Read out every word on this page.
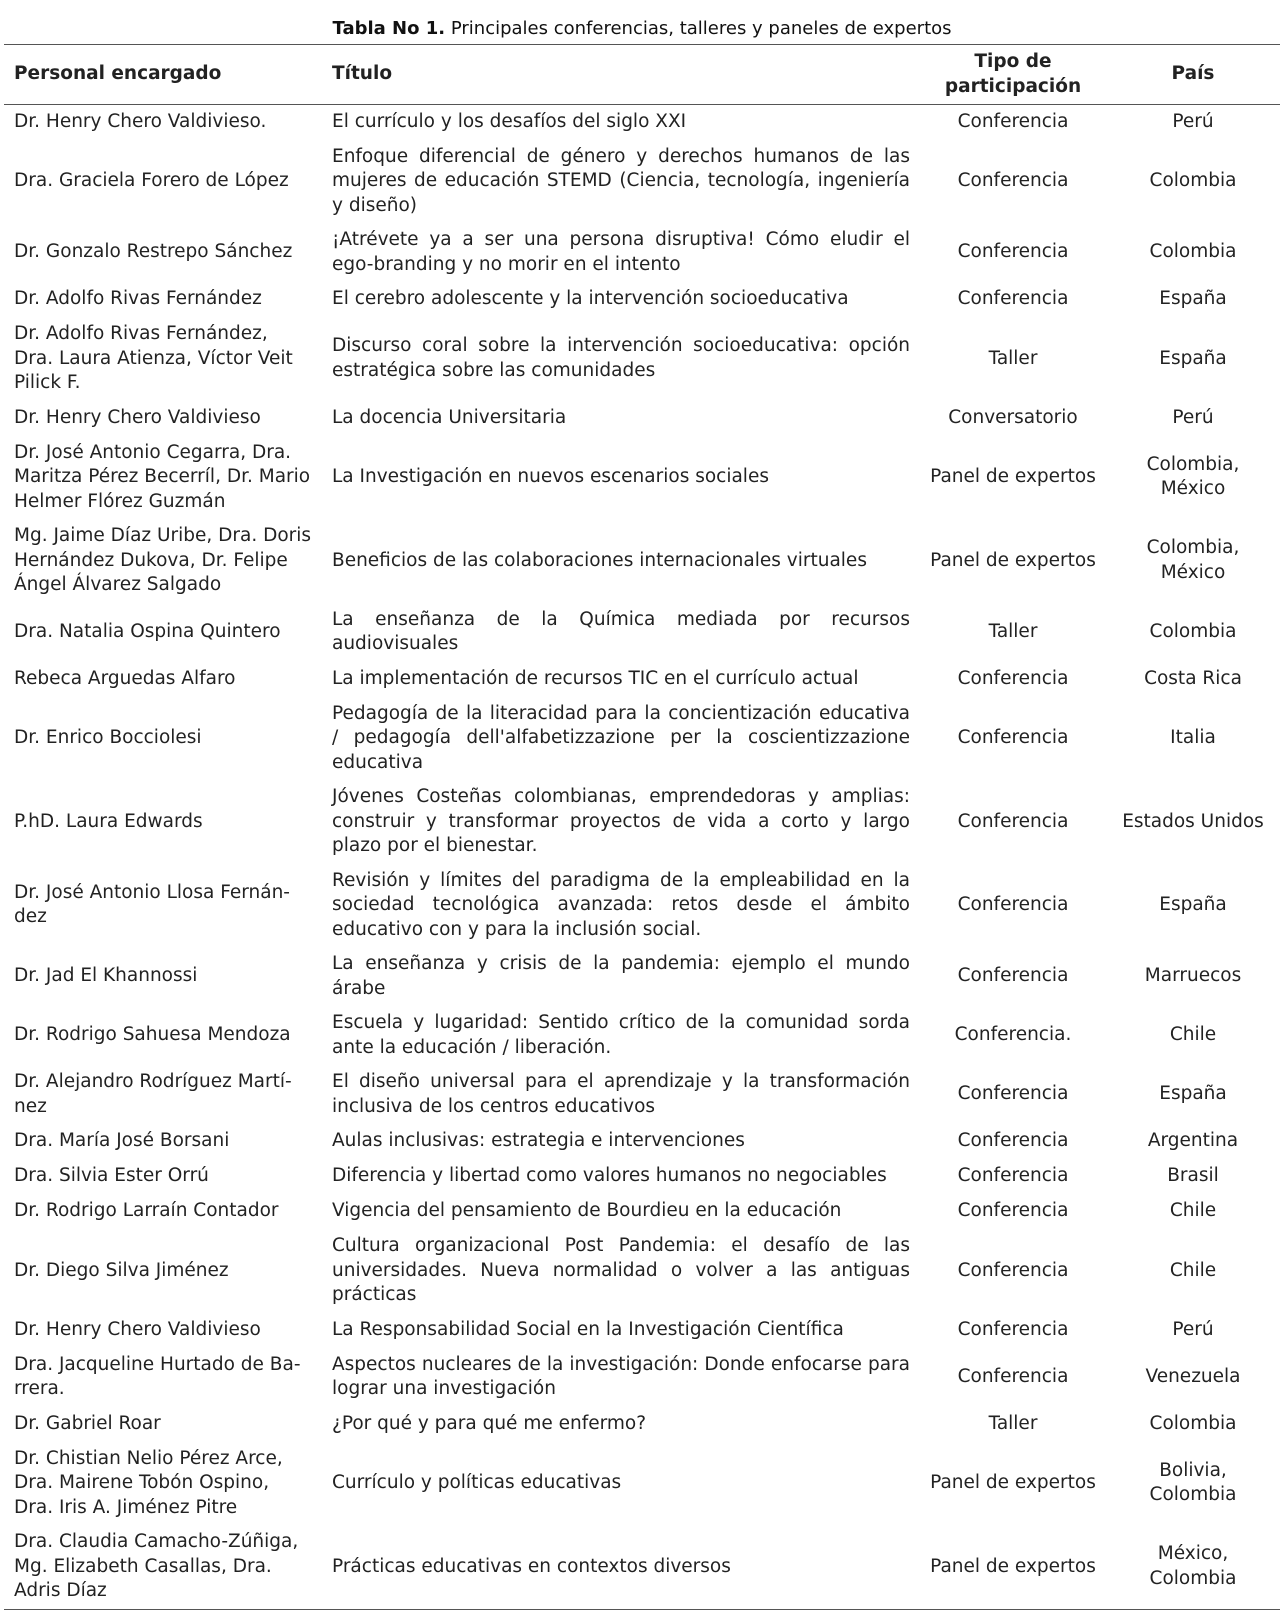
Tabla No 1. Principales conferencias, talleres y paneles de expertos
Personal encargado	Título	Tipo de participación	País
Dr. Henry Chero Valdivieso.	El currículo y los desafíos del siglo XXI	Conferencia	Perú
Dra. Graciela Forero de López	Enfoque diferencial de género y derechos humanos de las mujeres de educación STEMD (Ciencia, tecnología, ingeniería y diseño)	Conferencia	Colombia
Dr. Gonzalo Restrepo Sánchez	¡Atrévete ya a ser una persona disruptiva! Cómo eludir el ego-branding y no morir en el intento	Conferencia	Colombia
Dr. Adolfo Rivas Fernández	El cerebro adolescente y la intervención socioeducativa	Conferencia	España
Dr. Adolfo Rivas Fernández, Dra. Laura Atienza, Víctor Veit Pilick F.	Discurso coral sobre la intervención socioeducativa: opción estratégica sobre las comunidades	Taller	España
Dr. Henry Chero Valdivieso	La docencia Universitaria	Conversatorio	Perú
Dr. José Antonio Cegarra, Dra. Maritza Pérez Becerríl, Dr. Mario Helmer Flórez Guzmán	La Investigación en nuevos escenarios sociales	Panel de expertos	Colombia, México
Mg. Jaime Díaz Uribe, Dra. Doris Hernández Dukova, Dr. Felipe Ángel Álvarez Salgado	Beneficios de las colaboraciones internacionales virtuales	Panel de expertos	Colombia, México
Dra. Natalia Ospina Quintero	La enseñanza de la Química mediada por recursos audiovisuales	Taller	Colombia
Rebeca Arguedas Alfaro	La implementación de recursos TIC en el currículo actual	Conferencia	Costa Rica
Dr. Enrico Bocciolesi	Pedagogía de la literacidad para la concientización educativa / pedagogía dell'alfabetizzazione per la coscientizzazione educativa	Conferencia	Italia
P.hD. Laura Edwards	Jóvenes Costeñas colombianas, emprendedoras y amplias: construir y transformar proyectos de vida a corto y largo plazo por el bienestar.	Conferencia	Estados Unidos
Dr. José Antonio Llosa Fernán-dez	Revisión y límites del paradigma de la empleabilidad en la sociedad tecnológica avanzada: retos desde el ámbito educativo con y para la inclusión social.	Conferencia	España
Dr. Jad El Khannossi	La enseñanza y crisis de la pandemia: ejemplo el mundo árabe	Conferencia	Marruecos
Dr. Rodrigo Sahuesa Mendoza	Escuela y lugaridad: Sentido crítico de la comunidad sorda ante la educación / liberación.	Conferencia.	Chile
Dr. Alejandro Rodríguez Martí-nez	El diseño universal para el aprendizaje y la transformación inclusiva de los centros educativos	Conferencia	España
Dra. María José Borsani	Aulas inclusivas: estrategia e intervenciones	Conferencia	Argentina
Dra. Silvia Ester Orrú	Diferencia y libertad como valores humanos no negociables	Conferencia	Brasil
Dr. Rodrigo Larraín Contador	Vigencia del pensamiento de Bourdieu en la educación	Conferencia	Chile
Dr. Diego Silva Jiménez	Cultura organizacional Post Pandemia: el desafío de las universidades. Nueva normalidad o volver a las antiguas prácticas	Conferencia	Chile
Dr. Henry Chero Valdivieso	La Responsabilidad Social en la Investigación Científica	Conferencia	Perú
Dra. Jacqueline Hurtado de Ba-rrera.	Aspectos nucleares de la investigación: Donde enfocarse para lograr una investigación	Conferencia	Venezuela
Dr. Gabriel Roar	¿Por qué y para qué me enfermo?	Taller	Colombia
Dr. Chistian Nelio Pérez Arce, Dra. Mairene Tobón Ospino, Dra. Iris A. Jiménez Pitre	Currículo y políticas educativas	Panel de expertos	Bolivia, Colombia
Dra. Claudia Camacho-Zúñiga, Mg. Elizabeth Casallas, Dra. Adris Díaz	Prácticas educativas en contextos diversos	Panel de expertos	México, Colombia
